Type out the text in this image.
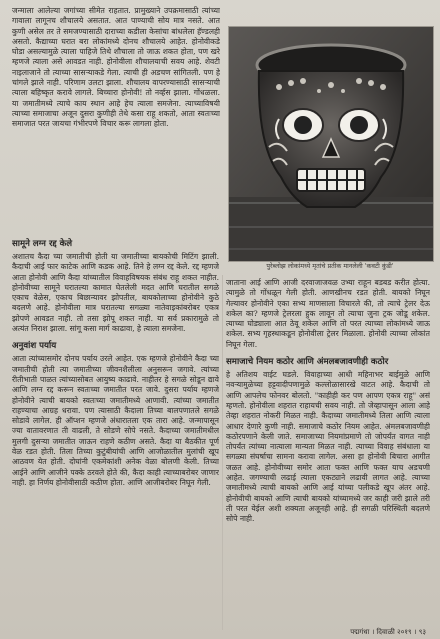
जन्माला आलेल्या जगांच्या सीमेत राहतात. प्रामुख्याने उपक्रमासाठी त्यांच्या गावाला लागूनच शौचालये असतात. आत पाण्याची सोय मात्र नसते. आत कुणी असेल तर ते समजण्यासाठी दाराच्या कडीला केसांचा बांधलेला हॅण्डलही असतो. कैद्याच्या घरात बरा लोकांमध्ये दोनच शौचालये आहेत. होनोवीकडे घोडा असल्यामुळे त्याला पाहिजे तिथे शौचाला तो जाऊ शकत होता, पण खरे म्हणजे त्याला असे आवडत नाही. होनोवीला शौचालयाची सवय आहे. शेवटी नाइलाजाने तो त्याच्या सासऱ्याकडे गेला. त्याची ही अडचण सांगितली. पण हे चांगले झाले नाही. परिणाम उलटा झाला. शौचालय वापरण्यासाठी सासऱ्याची त्याला बहिष्कृत करावे लागले. बिच्चारा होनोवी! तो नर्व्हस झाला. गोंधळला. या जमातीमध्ये त्याचे काय स्थान आहे हेच त्याला समजेना. त्याच्याविषयी त्याच्या समाजाचा अजून दुसरा कुणीही तेथे कसा राहू शकतो, आता स्वतःच्या समाजात परत जायचा गंभीरपणे विचार करू लागला होता.

पुरेब्लोझ लोकांमध्ये मृतांचे प्रतीक मानलेली 'कवटी कुंडी'
सामूने लग्न रद्द केले

अशातच कैदा च्या जमातीची होती या जमातीच्या बायकोची मिटिंग झाली. कैदाची आई फार काटेक आणि कडक आहे. तिने हे लग्न रद्द केले. रद्द म्हणजे आता होनोवी आणि कैदा यांच्यातील विवाहविषयक संबंध राहू शकत नाहीत. होनोवीच्या सामूने घरातल्या कामात घेतलेली मदत आणि घरातील सगळे एकाच वेळेस, एकाच बिछान्यावर झोपतील, बायकोलाच्या होनोवीने कुठे बदलणे आहे. होनोवीला मात्र घरातल्या सगळ्या नातेवाइकांबरोबर एकत्र झोपणे आवडत नाही. तो तसा झोपू शकत नाही. या सर्व प्रकारामुळे तो अत्यंत निराश झाला. सांगू कसा मार्ग काढावा, हे त्याला समजेना.

अनुवांश पर्याय

आता त्यांच्यासमोर दोनच पर्याय उरले आहेत. एक म्हणजे होनोवीने कैदा च्या जमातीची होती त्या जमातीच्या जीवनशैलीला अनुसरून जगावे. त्यांच्या रीतीभाती पाळत त्यांच्यासोबत आयुष्य काढावे. नाहीतर हे सगळे सोडून द्यावे आणि लग्न रद्द करून स्वतःच्या जमातीत परत जावे. दुसरा पर्याय म्हणजे होनोवीने त्याची बायको स्वतःच्या जमातीमध्ये आणावी. त्यांच्या जमातीत राहण्याचा आग्रह धरावा. पण त्यासाठी कैदाला तिच्या बालपणातले सगळे सोडावे लागेल. ही ऑप्शन म्हणजे अंधारातला एक तारा आहे. जन्मापासून ज्या वातावरणात ती वाढली, ते सोडणे सोपे नसते. कैदाच्या जमातीमधील मुलगी दुसऱ्या जमातीत जाऊन राहणे कठीण असते. कैदा या बैठकीत पूर्ण वेळ रडत होती. तिला तिच्या कुटुंबीयांची आणि आजोळातील मुलांची खूप आठवण येत होती. दोघांनी एकमेकांशी अनेक वेळा बोलणी केली. तिच्या आईने आणि आजीने पक्के ठरवले होते की, कैदा काही त्याच्याबरोबर जाणार नाही. हा निर्णय होनोवीसाठी कठीण होता. आणि आजीबरोबर निघून गेली.

जाताना आई आणि आजी दरवाजाजवळ उभ्या राहून बडबड करीत होत्या. त्यामुळे तो गोंधळून गेली होती. आणखीनच रडत होती. बायको निघून गेल्यावर होनोवीने एका सभ्य माणसाला विचारले की, तो त्याचे ट्रेलर देऊ शकेल का? म्हणजे ट्रेलरला हुक लावून तो त्याचा जुना ट्रक जोडू शकेल. त्याच्या घोड्याला आत ठेवू शकेल आणि तो परत त्याच्या लोकांमध्ये जाऊ शकेल. सभ्य गृहस्थाकडून होनोवीला ट्रेलर मिळाला. होनोवी त्याच्या लोकांत निघून गेला.

समाजाचे नियम कठोर आणि अंमलबजावणीही कठोर

हे अतिशय वाईट घडले. विवाहाच्या आधी महिनाभर बाईमुळे आणि नवऱ्यामुळेच्या हट्टवादीपणामुळे कल्लोळासारखे वाटत आहे. कैदाची तो आणि आपलेच फोनवर बोलतो. "काहीही कर पण आपण एकत्र राहू" असं म्हणतो. होनोवीला शहरात राहायची सवय नाही. तो जेव्हापासून आला आहे तेव्हा शहरात नोकरी मिळत नाही. कैदाच्या जमातीमध्ये तिला आणि त्याला आधार देणारे कुणी नाही. समाजाचे कठोर नियम आहेत. अंमलबजावणीही कठोरपणाने केली जाते. समाजाच्या नियमांप्रमाणे तो जोपर्यंत वागत नाही तोपर्यंत त्यांच्या नात्याला मान्यता मिळत नाही. त्याच्या विवाह संबंधाला या सगळ्या संघर्षाचा सामना करावा लागेल. असा हा होनोवी बिचारा आगीत जळत आहे. होनोवीच्या समोर आता फक्त आणि फक्त याच अडचणी आहेत. जगण्याची लढाई त्याला एकट्याने लढावी लागत आहे. त्याच्या जमातीमध्ये त्याची बायको आणि आई यांच्या पलीकडे खूप अंतर आहे. होनोवीची बायको आणि त्याची बायको यांच्यामध्ये जर काही जरी झाले तरी ती परत येईल अशी शक्यता अजूनही आहे. ही सगळी परिस्थिती बदलणे सोपे नाही.

पद्मगंधा । दिवाळी २०१९ । ९३
